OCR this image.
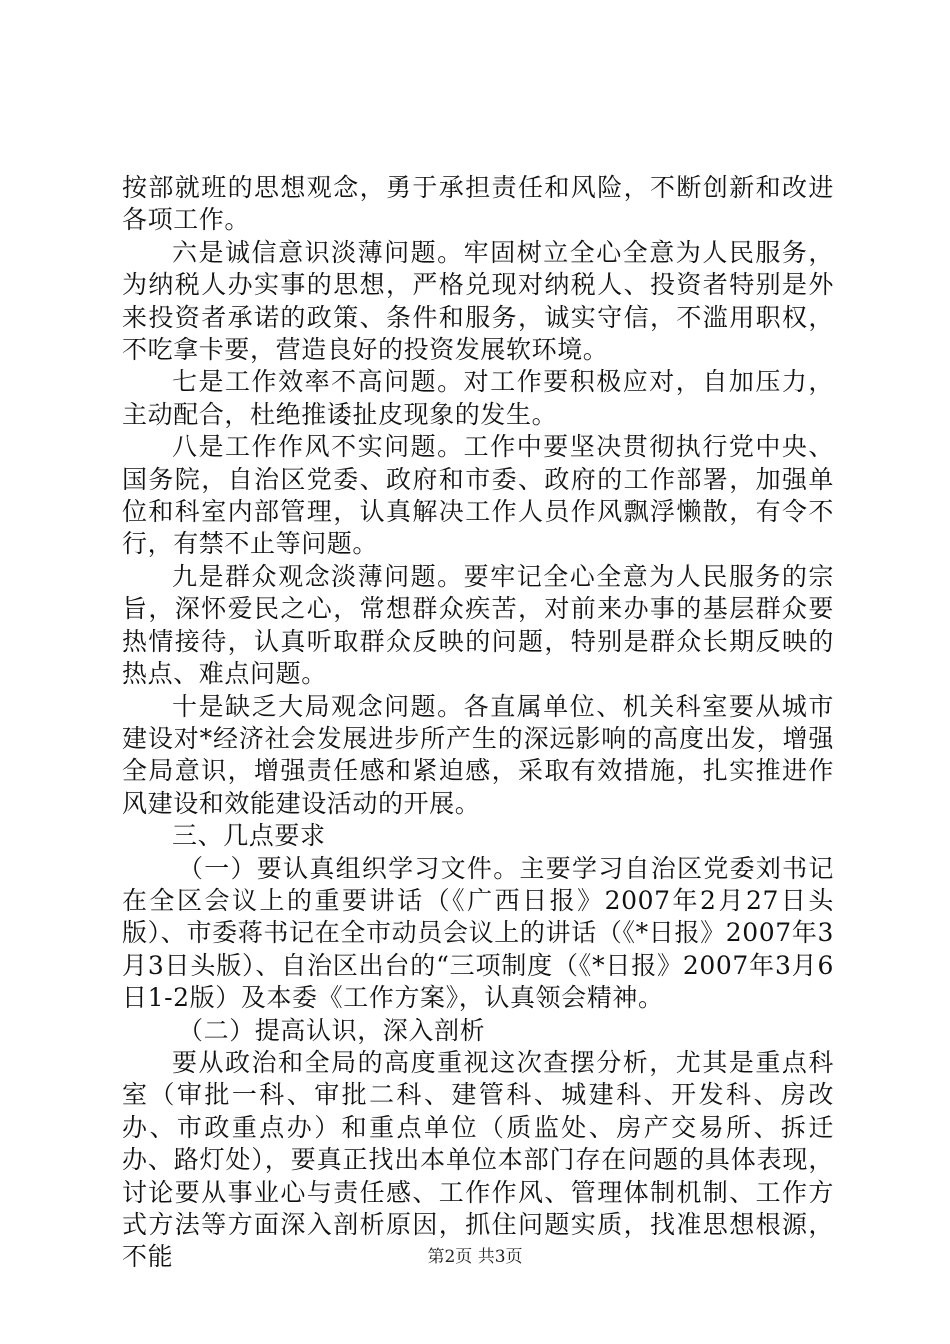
按部就班的思想观念，勇于承担责任和风险，不断创新和改进各项工作。

六是诚信意识淡薄问题。牢固树立全心全意为人民服务，为纳税人办实事的思想，严格兑现对纳税人、投资者特别是外来投资者承诺的政策、条件和服务，诚实守信，不滥用职权，不吃拿卡要，营造良好的投资发展软环境。

七是工作效率不高问题。对工作要积极应对，自加压力，主动配合，杜绝推诿扯皮现象的发生。

八是工作作风不实问题。工作中要坚决贯彻执行党中央、国务院，自治区党委、政府和市委、政府的工作部署，加强单位和科室内部管理，认真解决工作人员作风飘浮懒散，有令不行，有禁不止等问题。

九是群众观念淡薄问题。要牢记全心全意为人民服务的宗旨，深怀爱民之心，常想群众疾苦，对前来办事的基层群众要热情接待，认真听取群众反映的问题，特别是群众长期反映的热点、难点问题。

十是缺乏大局观念问题。各直属单位、机关科室要从城市建设对*经济社会发展进步所产生的深远影响的高度出发，增强全局意识，增强责任感和紧迫感，采取有效措施，扎实推进作风建设和效能建设活动的开展。

三、几点要求

（一）要认真组织学习文件。主要学习自治区党委刘书记在全区会议上的重要讲话（《广西日报》2007年2月27日头版）、市委蒋书记在全市动员会议上的讲话（《*日报》2007年3月3日头版）、自治区出台的“三项制度（《*日报》2007年3月6日1-2版）及本委《工作方案》，认真领会精神。

（二）提高认识，深入剖析

要从政治和全局的高度重视这次查摆分析，尤其是重点科室（审批一科、审批二科、建管科、城建科、开发科、房改办、市政重点办）和重点单位（质监处、房产交易所、拆迁办、路灯处），要真正找出本单位本部门存在问题的具体表现，讨论要从事业心与责任感、工作作风、管理体制机制、工作方式方法等方面深入剖析原因，抓住问题实质，找准思想根源，不能	第2页 共3页
